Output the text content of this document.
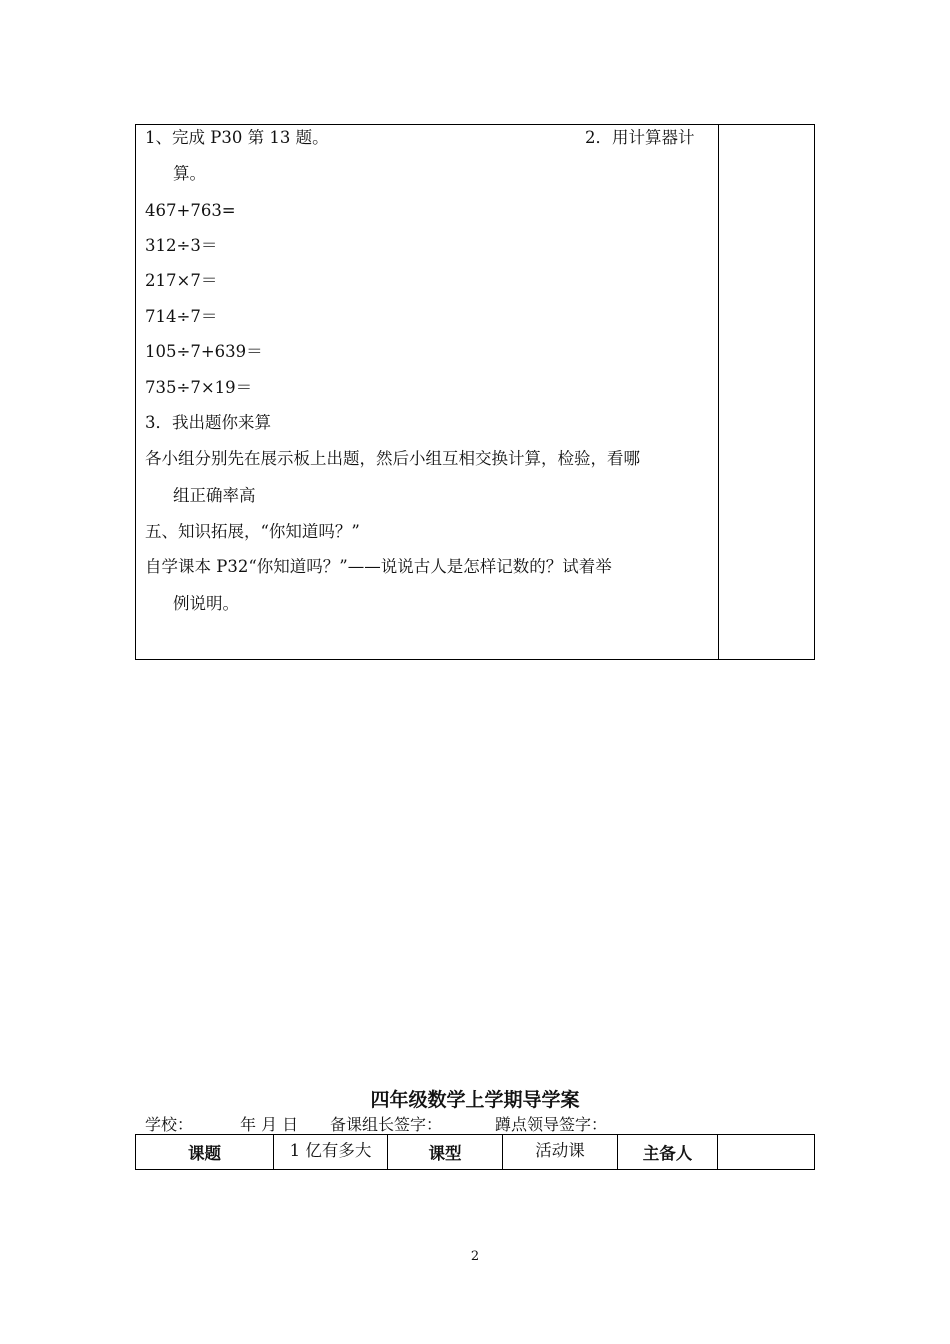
1、完成 P30 第 13 题。	2．用计算器计
算。
467+763=
312÷3＝
217×7＝
714÷7＝
105÷7+639＝
735÷7×19＝
3．我出题你来算
各小组分别先在展示板上出题，然后小组互相交换计算，检验，看哪
组正确率高
五、知识拓展，“你知道吗？”
自学课本 P32“你知道吗？”——说说古人是怎样记数的？试着举
例说明。
四年级数学上学期导学案
学校：	年 月 日 备课组长签字：	蹲点领导签字：
课题	1 亿有多大	课型	活动课	主备人
2
